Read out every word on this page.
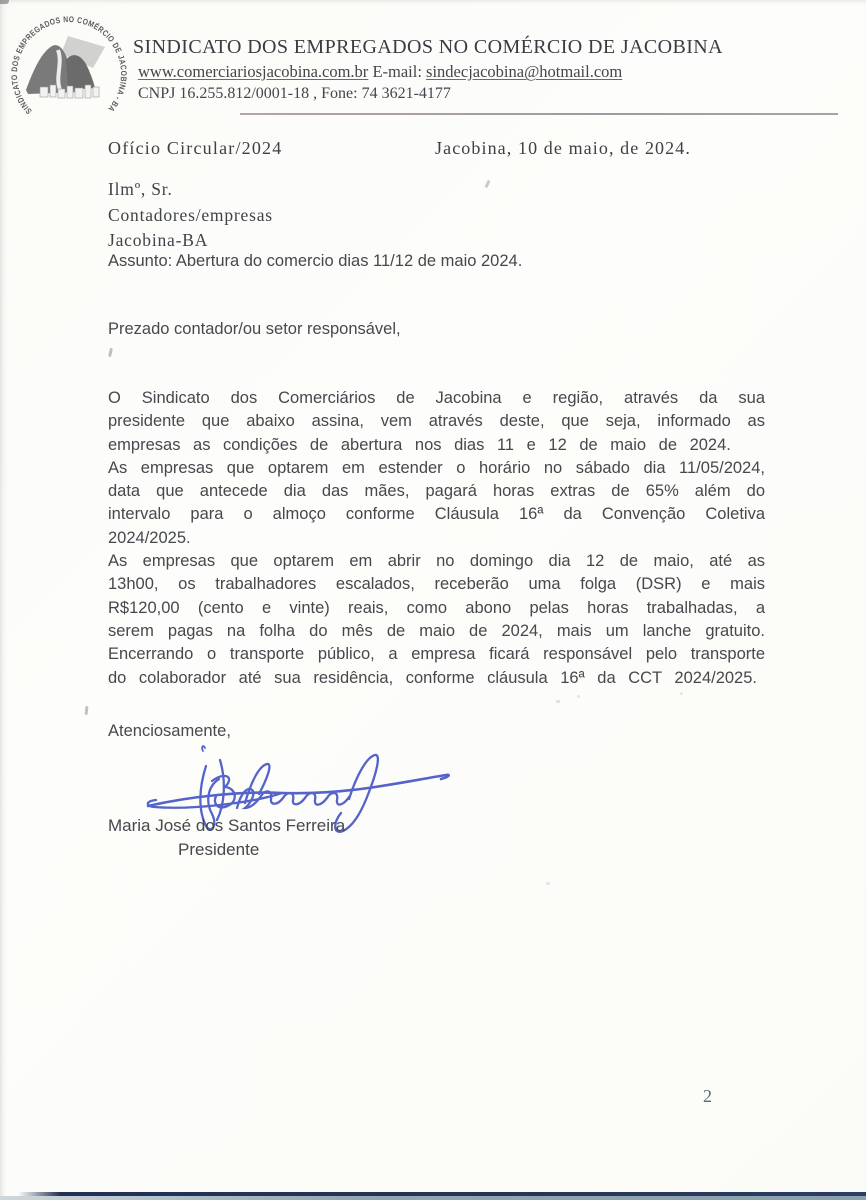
SINDICATO DOS EMPREGADOS NO COMÉRCIO DE JACOBINA - BA
SINDICATO DOS EMPREGADOS NO COMÉRCIO DE JACOBINA
www.comerciariosjacobina.com.br E-mail: sindecjacobina@hotmail.com
CNPJ 16.255.812/0001-18 , Fone: 74 3621-4177
Ofício Circular/2024	Jacobina, 10 de maio, de 2024.
Ilmº, Sr.
Contadores/empresas
Jacobina-BA
Assunto: Abertura do comercio dias 11/12 de maio 2024.
Prezado contador/ou setor responsável,

O Sindicato dos Comerciários de Jacobina e região, através da sua presidente que abaixo assina, vem através deste, que seja, informado as empresas as condições de abertura nos dias 11 e 12 de maio de 2024.

As empresas que optarem em estender o horário no sábado dia 11/05/2024, data que antecede dia das mães, pagará horas extras de 65% além do intervalo para o almoço conforme Cláusula 16ª da Convenção Coletiva 2024/2025.

As empresas que optarem em abrir no domingo dia 12 de maio, até as 13h00, os trabalhadores escalados, receberão uma folga (DSR) e mais R$120,00 (cento e vinte) reais, como abono pelas horas trabalhadas, a serem pagas na folha do mês de maio de 2024, mais um lanche gratuito. Encerrando o transporte público, a empresa ficará responsável pelo transporte do colaborador até sua residência, conforme cláusula 16ª da CCT 2024/2025.

Atenciosamente,
Maria José dos Santos Ferreira
Presidente
2
